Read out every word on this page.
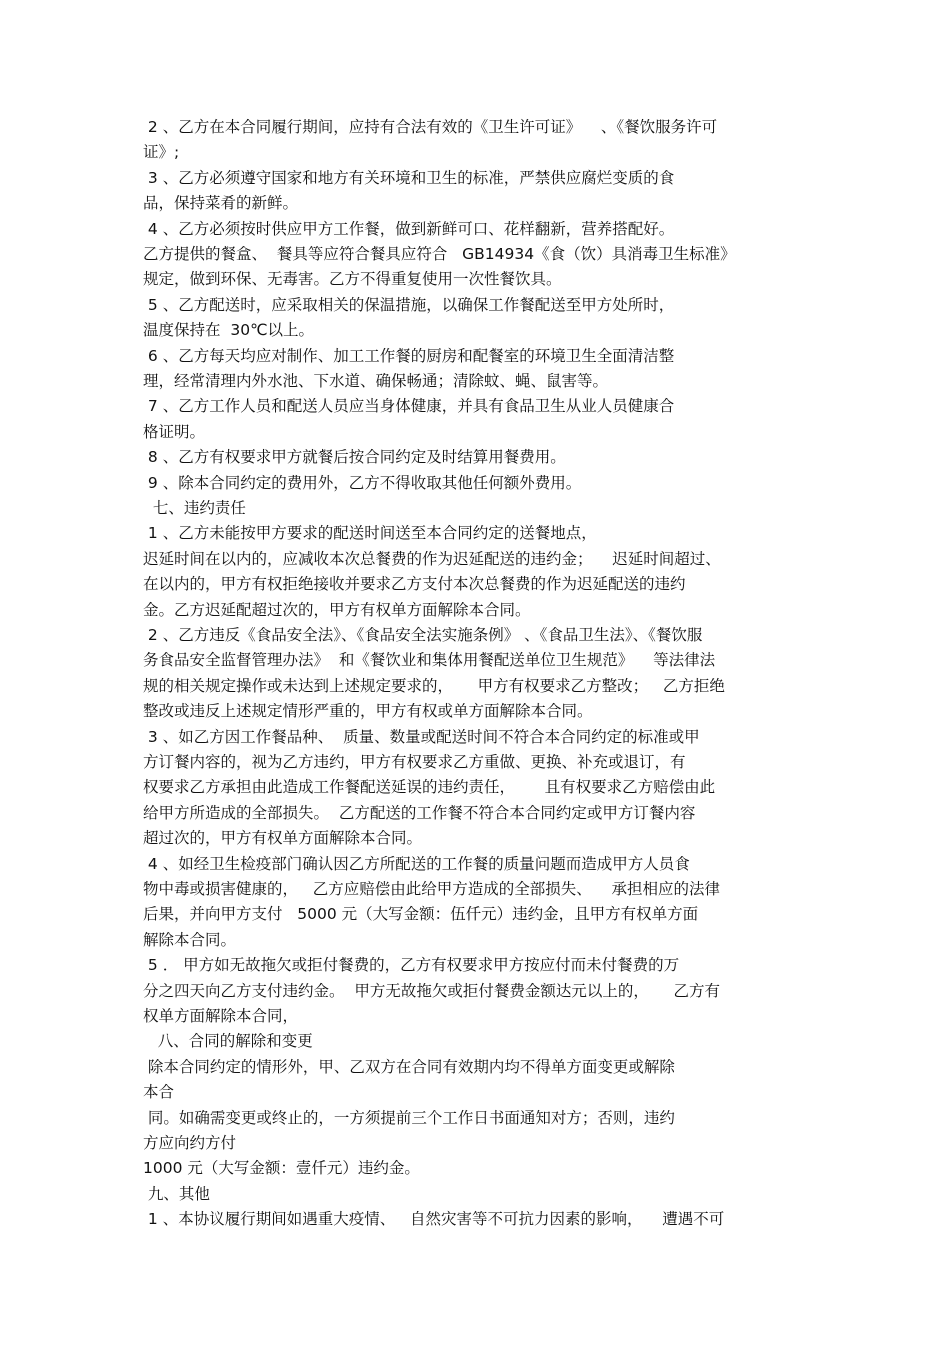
2 、乙方在本合同履行期间，应持有合法有效的《卫生许可证》    、《餐饮服务许可
证》;
3 、乙方必须遵守国家和地方有关环境和卫生的标准，严禁供应腐烂变质的食
品，保持菜肴的新鲜。
4 、乙方必须按时供应甲方工作餐，做到新鲜可口、花样翻新，营养搭配好。
乙方提供的餐盒、  餐具等应符合餐具应符合   GB14934《食（饮）具消毒卫生标准》
规定，做到环保、无毒害。乙方不得重复使用一次性餐饮具。
5 、乙方配送时，应采取相关的保温措施，以确保工作餐配送至甲方处所时，
温度保持在  30℃以上。
6 、乙方每天均应对制作、加工工作餐的厨房和配餐室的环境卫生全面清洁整
理，经常清理内外水池、下水道、确保畅通；清除蚊、蝇、鼠害等。
7 、乙方工作人员和配送人员应当身体健康，并具有食品卫生从业人员健康合
格证明。
8 、乙方有权要求甲方就餐后按合同约定及时结算用餐费用。
9 、除本合同约定的费用外，乙方不得收取其他任何额外费用。
七、违约责任
1 、乙方未能按甲方要求的配送时间送至本合同约定的送餐地点，
迟延时间在以内的，应减收本次总餐费的作为迟延配送的违约金；    迟延时间超过、
在以内的，甲方有权拒绝接收并要求乙方支付本次总餐费的作为迟延配送的违约
金。乙方迟延配超过次的，甲方有权单方面解除本合同。
2 、乙方违反《食品安全法》、《食品安全法实施条例》 、《食品卫生法》、《餐饮服
务食品安全监督管理办法》  和《餐饮业和集体用餐配送单位卫生规范》    等法律法
规的相关规定操作或未达到上述规定要求的，     甲方有权要求乙方整改；   乙方拒绝
整改或违反上述规定情形严重的，甲方有权或单方面解除本合同。
3 、如乙方因工作餐品种、  质量、数量或配送时间不符合本合同约定的标准或甲
方订餐内容的，视为乙方违约，甲方有权要求乙方重做、更换、补充或退订，有
权要求乙方承担由此造成工作餐配送延误的违约责任，      且有权要求乙方赔偿由此
给甲方所造成的全部损失。  乙方配送的工作餐不符合本合同约定或甲方订餐内容
超过次的，甲方有权单方面解除本合同。
4 、如经卫生检疫部门确认因乙方所配送的工作餐的质量问题而造成甲方人员食
物中毒或损害健康的，   乙方应赔偿由此给甲方造成的全部损失、    承担相应的法律
后果，并向甲方支付   5000 元（大写金额：伍仟元）违约金，且甲方有权单方面
解除本合同。
5 ． 甲方如无故拖欠或拒付餐费的，乙方有权要求甲方按应付而未付餐费的万
分之四天向乙方支付违约金。  甲方无故拖欠或拒付餐费金额达元以上的，     乙方有
权单方面解除本合同，
八、合同的解除和变更
除本合同约定的情形外，甲、乙双方在合同有效期内均不得单方面变更或解除
本合
同。如确需变更或终止的，一方须提前三个工作日书面通知对方；否则，违约
方应向约方付
1000 元（大写金额：壹仟元）违约金。
九、其他
1 、本协议履行期间如遇重大疫情、   自然灾害等不可抗力因素的影响，    遭遇不可
